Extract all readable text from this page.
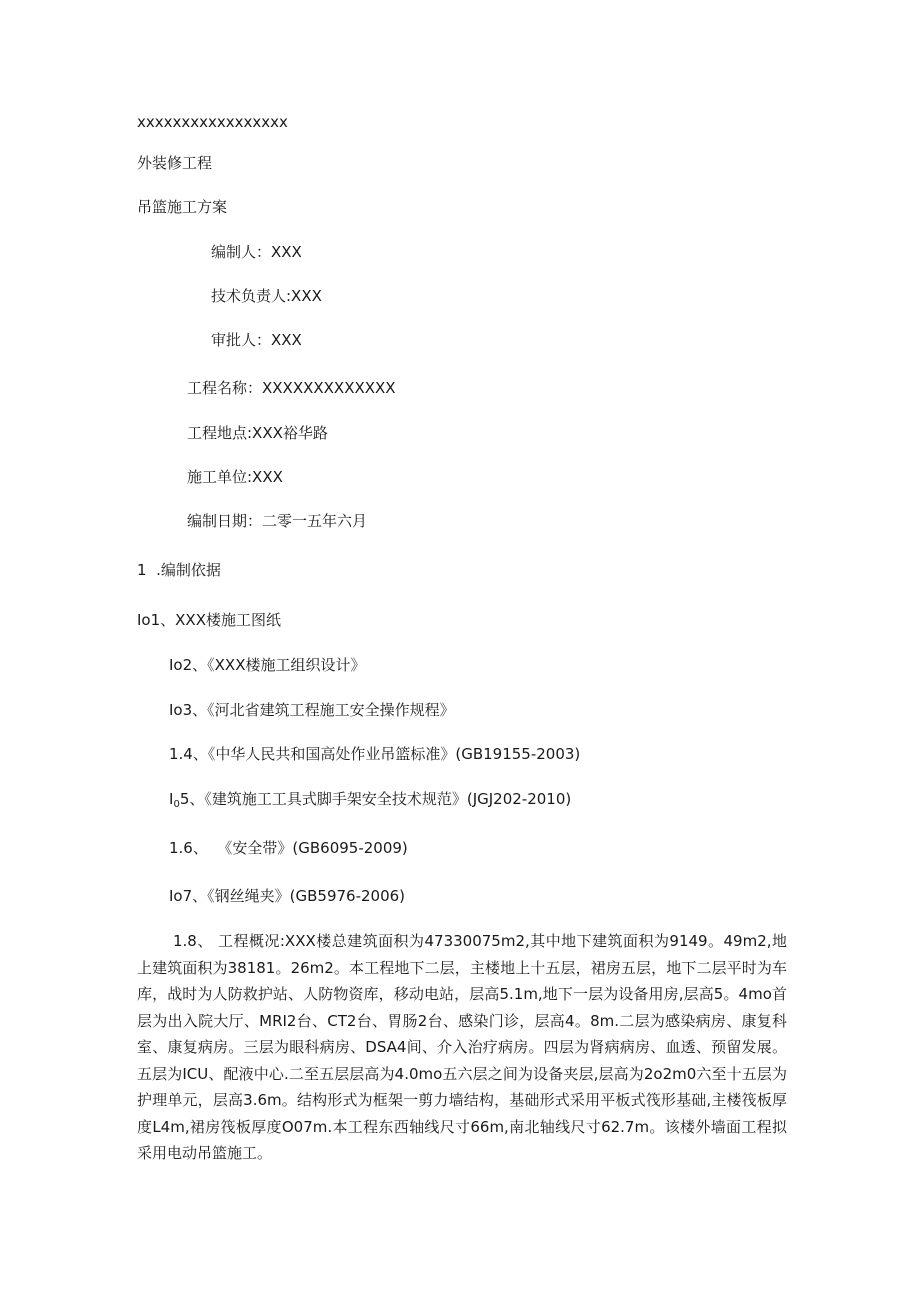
xxxxxxxxxxxxxxxxx
外装修工程
吊篮施工方案
编制人：XXX
技术负责人:XXX
审批人：XXX
工程名称：XXXXXXXXXXXXX
工程地点:XXX裕华路
施工单位:XXX
编制日期：二零一五年六月
1  .编制依据
Io1、XXX楼施工图纸
Io2、《XXX楼施工组织设计》
Io3、《河北省建筑工程施工安全操作规程》
1.4、《中华人民共和国高处作业吊篮标准》(GB19155-2003)
$I_05$、《建筑施工工具式脚手架安全技术规范》(JGJ202-2010)
1.6、  《安全带》(GB6095-2009)
Io7、《钢丝绳夹》(GB5976-2006)
1.8、 工程概况:XXX楼总建筑面积为47330075m2,其中地下建筑面积为9149。49m2,地上建筑面积为38181。26m2。本工程地下二层，主楼地上十五层，裙房五层，地下二层平时为车库，战时为人防救护站、人防物资库，移动电站，层高5.1m,地下一层为设备用房,层高5。4mo首层为出入院大厅、MRI2台、CT2台、胃肠2台、感染门诊，层高4。8m.二层为感染病房、康复科室、康复病房。三层为眼科病房、DSA4间、介入治疗病房。四层为肾病病房、血透、预留发展。五层为ICU、配液中心.二至五层层高为4.0mo五六层之间为设备夹层,层高为2o2m0六至十五层为护理单元，层高3.6m。结构形式为框架一剪力墙结构，基础形式采用平板式筏形基础,主楼筏板厚度L4m,裙房筏板厚度O07m.本工程东西轴线尺寸66m,南北轴线尺寸62.7m。该楼外墙面工程拟采用电动吊篮施工。
